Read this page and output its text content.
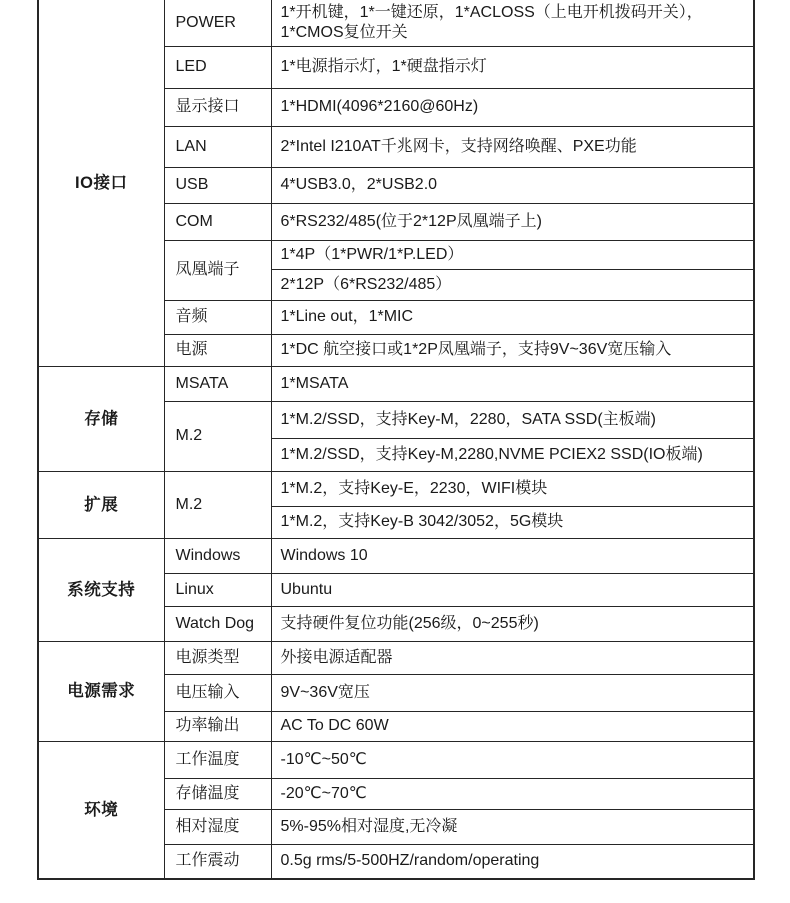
IO接口	POWER	1*开机键，1*一键还原，1*ACLOSS（上电开机拨码开关），1*CMOS复位开关
	LED	1*电源指示灯，1*硬盘指示灯
	显示接口	1*HDMI(4096*2160@60Hz)
	LAN	2*Intel I210AT千兆网卡，支持网络唤醒、PXE功能
	USB	4*USB3.0，2*USB2.0
	COM	6*RS232/485(位于2*12P凤凰端子上)
	凤凰端子	1*4P（1*PWR/1*P.LED）
		2*12P（6*RS232/485）
	音频	1*Line out，1*MIC
	电源	1*DC 航空接口或1*2P凤凰端子，支持9V~36V宽压输入
存储	MSATA	1*MSATA
	M.2	1*M.2/SSD，支持Key-M，2280，SATA SSD(主板端)
		1*M.2/SSD，支持Key-M,2280,NVME PCIEX2 SSD(IO板端)
扩展	M.2	1*M.2，支持Key-E，2230，WIFI模块
		1*M.2，支持Key-B 3042/3052，5G模块
系统支持	Windows	Windows 10
	Linux	Ubuntu
	Watch Dog	支持硬件复位功能(256级，0~255秒)
电源需求	电源类型	外接电源适配器
	电压输入	9V~36V宽压
	功率输出	AC To DC 60W
环境	工作温度	-10℃~50℃
	存储温度	-20℃~70℃
	相对湿度	5%-95%相对湿度,无冷凝
	工作震动	0.5g rms/5-500HZ/random/operating
